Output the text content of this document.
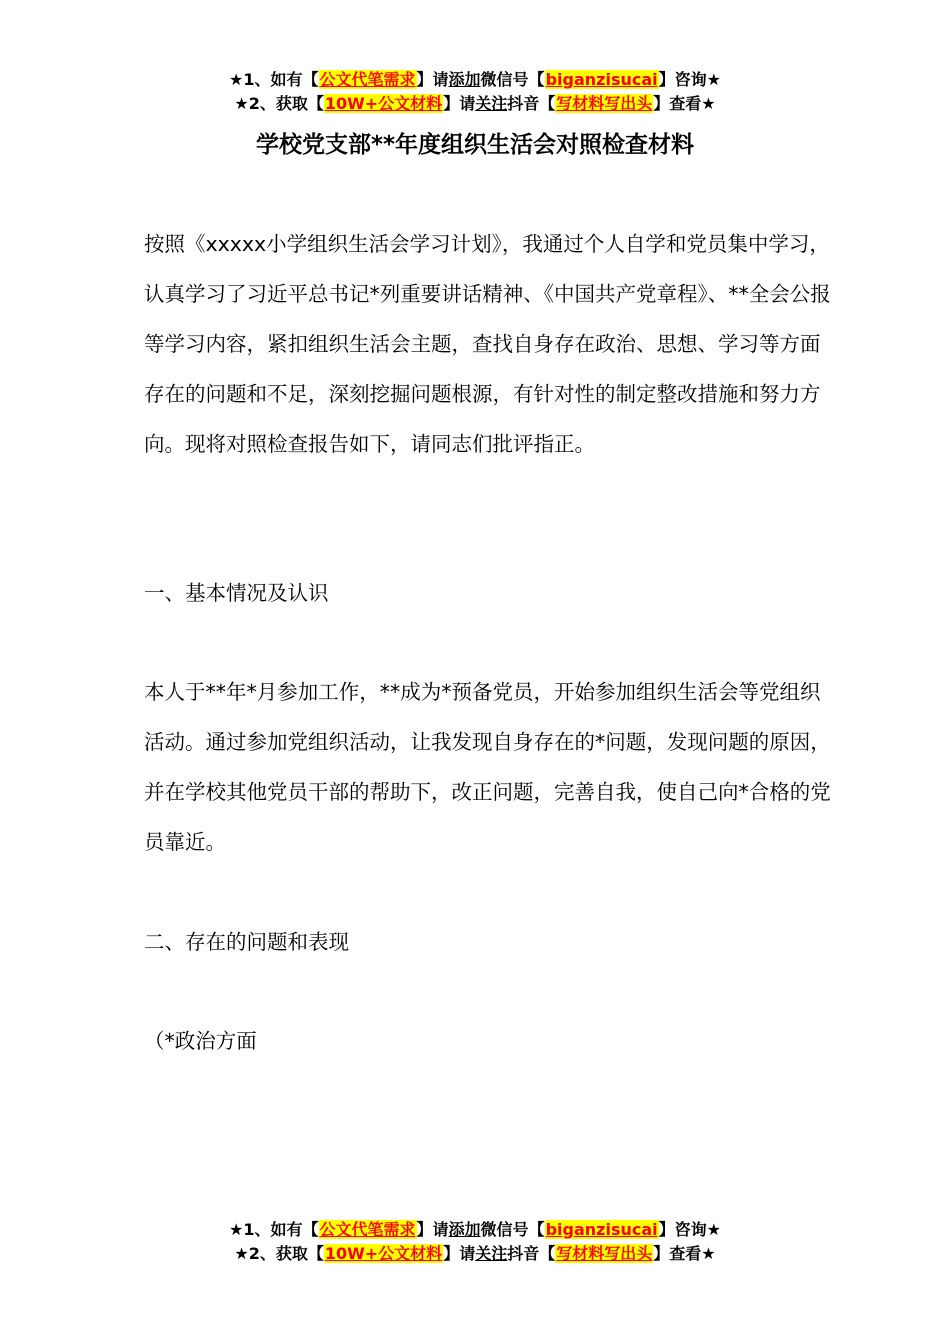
★1、如有【公文代笔需求】请添加微信号【biganzisucai】咨询★
★2、获取【10W+公文材料】请关注抖音【写材料写出头】查看★
学校党支部**年度组织生活会对照检查材料

按照《xxxxx小学组织生活会学习计划》，我通过个人自学和党员集中学习，认真学习了习近平总书记*列重要讲话精神、《中国共产党章程》、**全会公报等学习内容，紧扣组织生活会主题，查找自身存在政治、思想、学习等方面存在的问题和不足，深刻挖掘问题根源，有针对性的制定整改措施和努力方向。现将对照检查报告如下，请同志们批评指正。

一、基本情况及认识

本人于**年*月参加工作，**成为*预备党员，开始参加组织生活会等党组织活动。通过参加党组织活动，让我发现自身存在的*问题，发现问题的原因，并在学校其他党员干部的帮助下，改正问题，完善自我，使自己向*合格的党员靠近。

二、存在的问题和表现

（*政治方面

★1、如有【公文代笔需求】请添加微信号【biganzisucai】咨询★
★2、获取【10W+公文材料】请关注抖音【写材料写出头】查看★
